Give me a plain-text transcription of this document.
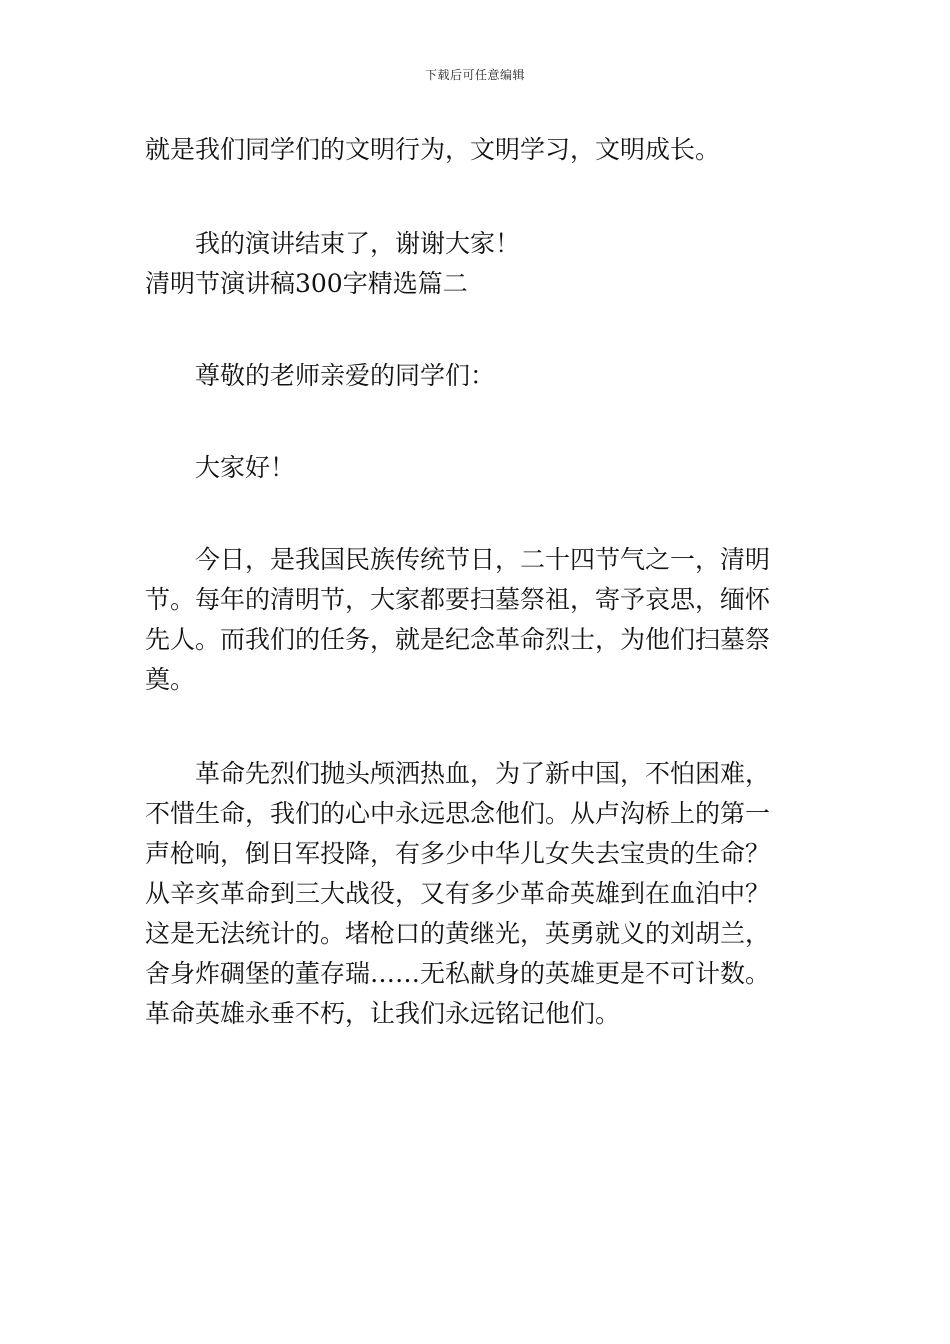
下载后可任意编辑
就是我们同学们的文明行为，文明学习，文明成长。
我的演讲结束了，谢谢大家！
清明节演讲稿300字精选篇二
尊敬的老师亲爱的同学们：
大家好！
今日，是我国民族传统节日，二十四节气之一，清明
节。每年的清明节，大家都要扫墓祭祖，寄予哀思，缅怀
先人。而我们的任务，就是纪念革命烈士，为他们扫墓祭
奠。
革命先烈们抛头颅洒热血，为了新中国，不怕困难，
不惜生命，我们的心中永远思念他们。从卢沟桥上的第一
声枪响，倒日军投降，有多少中华儿女失去宝贵的生命？
从辛亥革命到三大战役，又有多少革命英雄到在血泊中？
这是无法统计的。堵枪口的黄继光，英勇就义的刘胡兰，
舍身炸碉堡的董存瑞……无私献身的英雄更是不可计数。
革命英雄永垂不朽，让我们永远铭记他们。
